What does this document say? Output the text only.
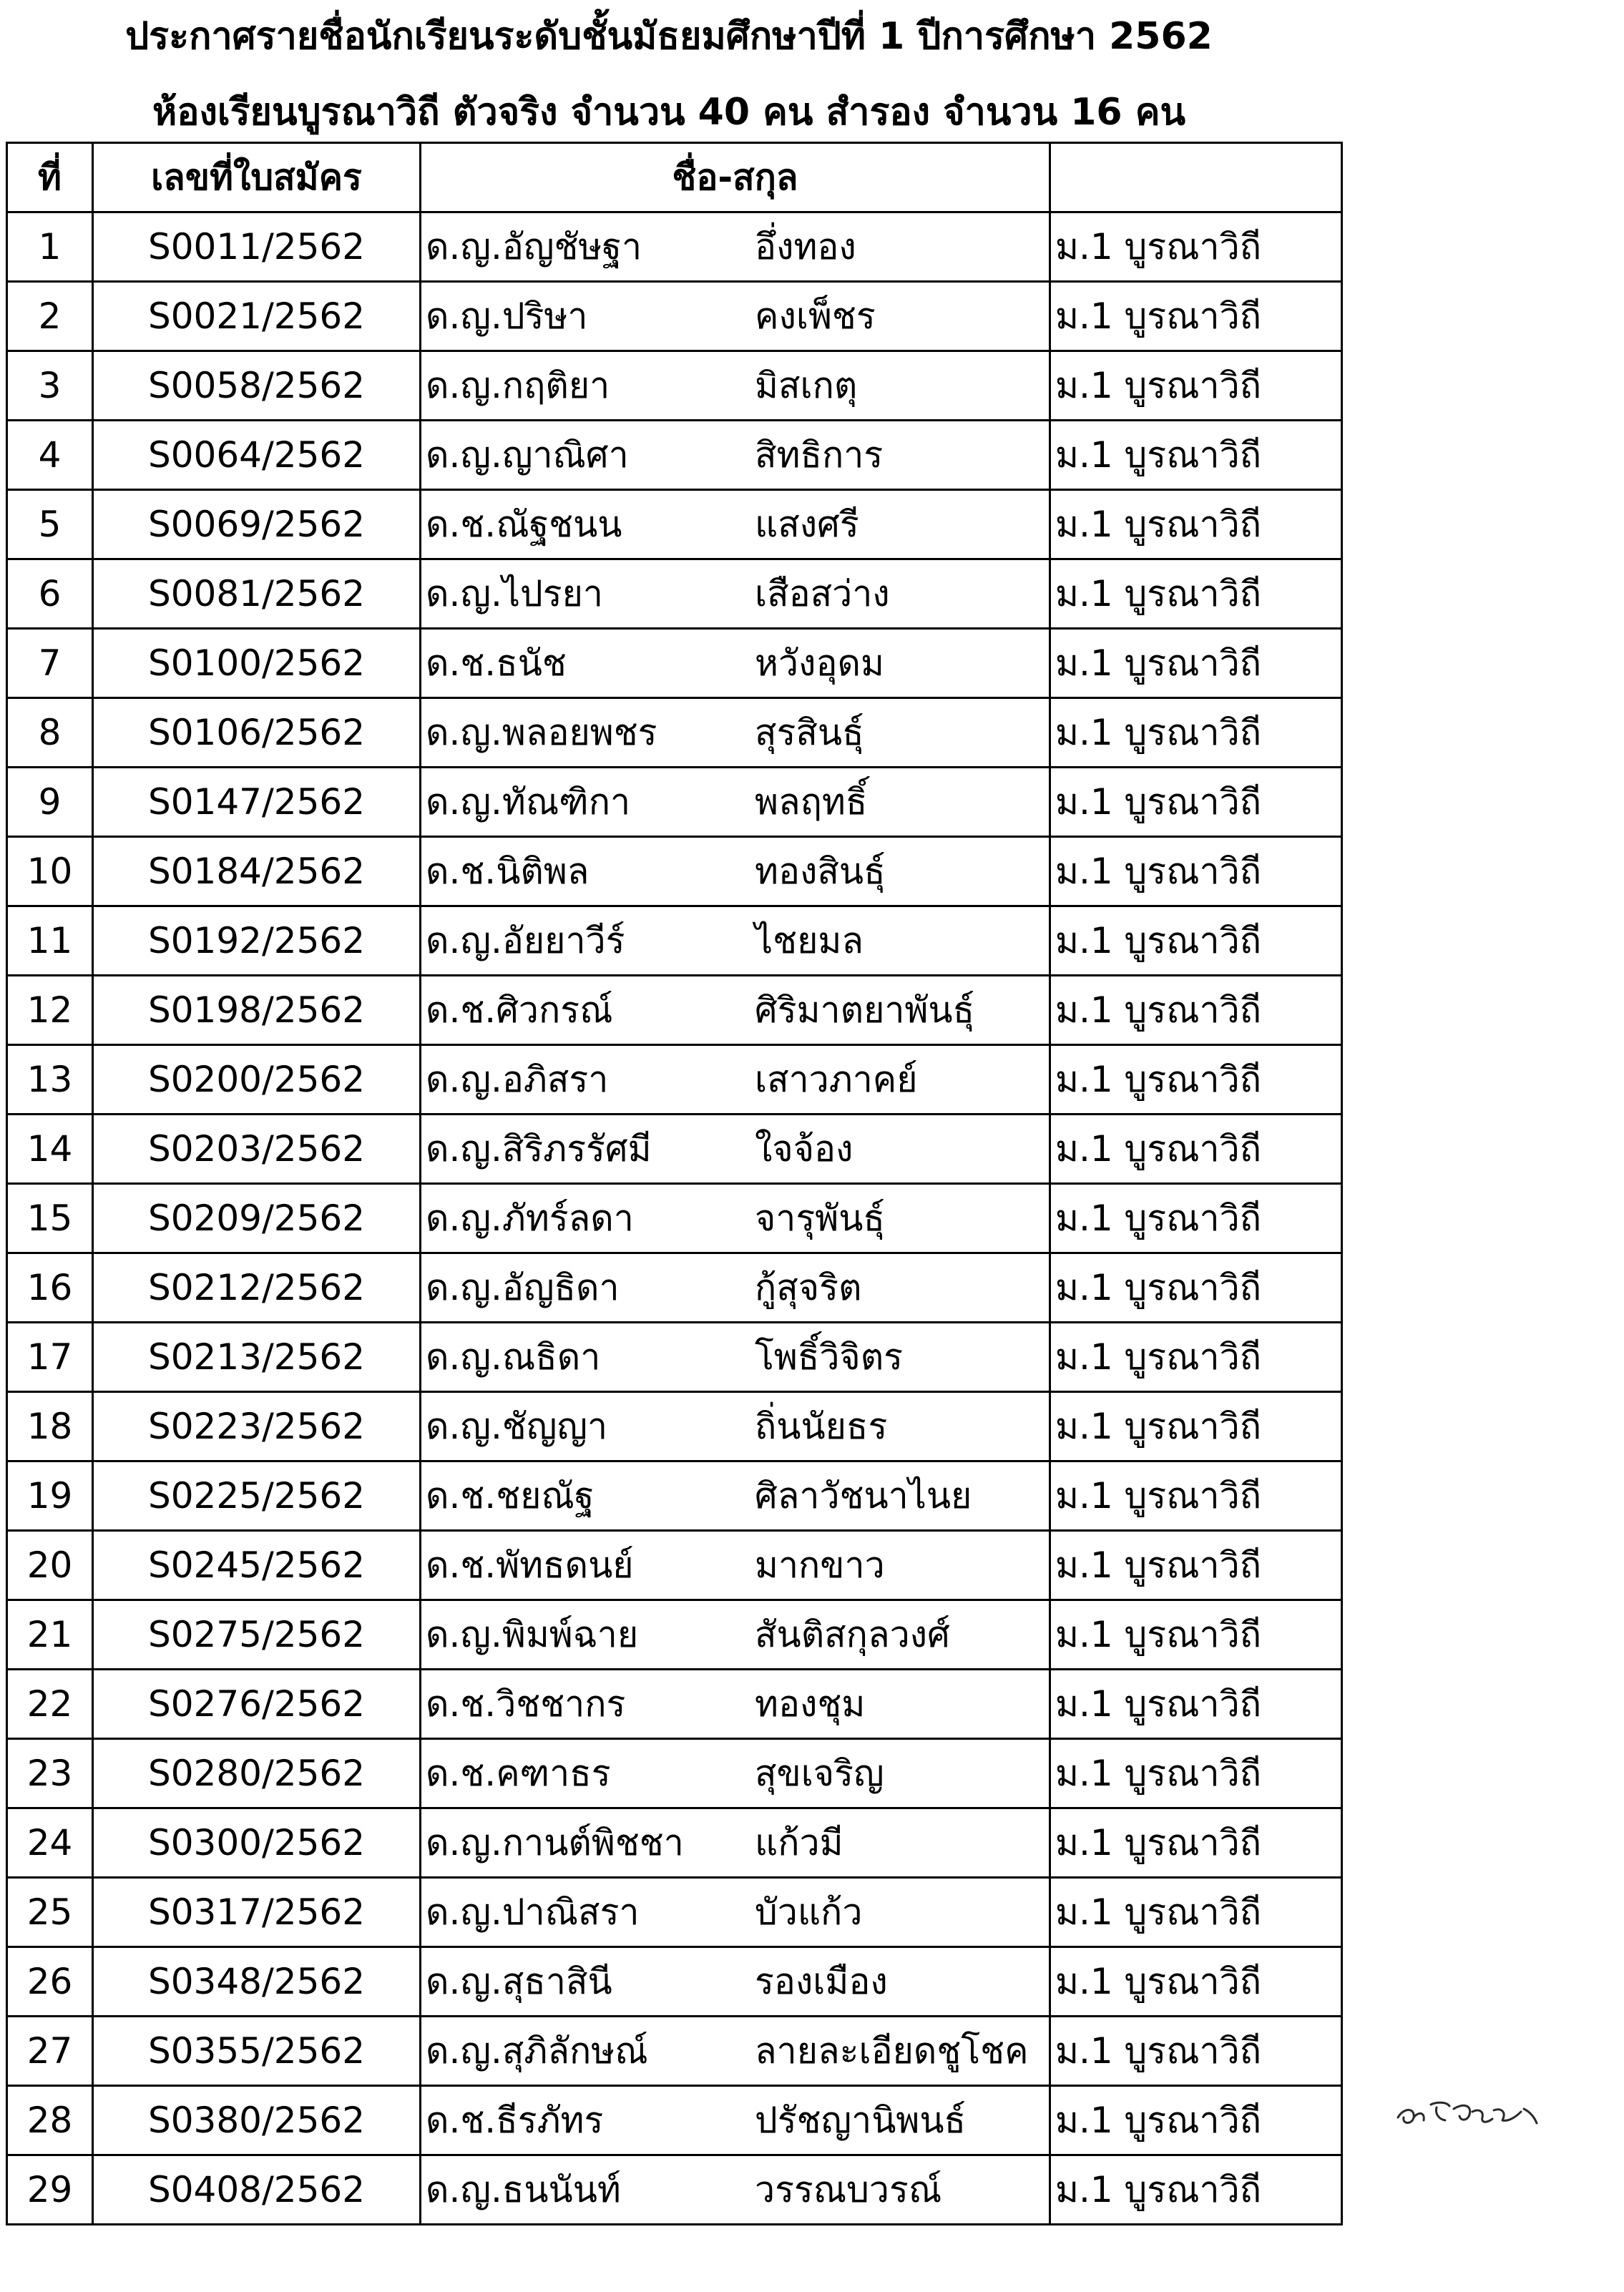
ประกาศรายชื่อนักเรียนระดับชั้นมัธยมศึกษาปีที่ 1 ปีการศึกษา 2562
ห้องเรียนบูรณาวิถี ตัวจริง จำนวน 40 คน สำรอง จำนวน 16 คน
ที่	เลขที่ใบสมัคร	ชื่อ-สกุล	
1	S0011/2562	ด.ญ.อัญชัษฐา อึ่งทอง	ม.1 บูรณาวิถี
2	S0021/2562	ด.ญ.ปริษา คงเพ็ชร	ม.1 บูรณาวิถี
3	S0058/2562	ด.ญ.กฤติยา มิสเกตุ	ม.1 บูรณาวิถี
4	S0064/2562	ด.ญ.ญาณิศา สิทธิการ	ม.1 บูรณาวิถี
5	S0069/2562	ด.ช.ณัฐชนน แสงศรี	ม.1 บูรณาวิถี
6	S0081/2562	ด.ญ.ไปรยา เสือสว่าง	ม.1 บูรณาวิถี
7	S0100/2562	ด.ช.ธนัช หวังอุดม	ม.1 บูรณาวิถี
8	S0106/2562	ด.ญ.พลอยพชร สุรสินธุ์	ม.1 บูรณาวิถี
9	S0147/2562	ด.ญ.ทัณฑิกา พลฤทธิ์	ม.1 บูรณาวิถี
10	S0184/2562	ด.ช.นิติพล ทองสินธุ์	ม.1 บูรณาวิถี
11	S0192/2562	ด.ญ.อัยยาวีร์ ไชยมล	ม.1 บูรณาวิถี
12	S0198/2562	ด.ช.ศิวกรณ์ ศิริมาตยาพันธุ์	ม.1 บูรณาวิถี
13	S0200/2562	ด.ญ.อภิสรา เสาวภาคย์	ม.1 บูรณาวิถี
14	S0203/2562	ด.ญ.สิริภรรัศมี ใจจ้อง	ม.1 บูรณาวิถี
15	S0209/2562	ด.ญ.ภัทร์ลดา จารุพันธุ์	ม.1 บูรณาวิถี
16	S0212/2562	ด.ญ.อัญธิดา กู้สุจริต	ม.1 บูรณาวิถี
17	S0213/2562	ด.ญ.ณธิดา โพธิ์วิจิตร	ม.1 บูรณาวิถี
18	S0223/2562	ด.ญ.ชัญญา ถิ่นนัยธร	ม.1 บูรณาวิถี
19	S0225/2562	ด.ช.ชยณัฐ ศิลาวัชนาไนย	ม.1 บูรณาวิถี
20	S0245/2562	ด.ช.พัทธดนย์ มากขาว	ม.1 บูรณาวิถี
21	S0275/2562	ด.ญ.พิมพ์ฉาย สันติสกุลวงศ์	ม.1 บูรณาวิถี
22	S0276/2562	ด.ช.วิชชากร ทองชุม	ม.1 บูรณาวิถี
23	S0280/2562	ด.ช.คฑาธร สุขเจริญ	ม.1 บูรณาวิถี
24	S0300/2562	ด.ญ.กานต์พิชชา แก้วมี	ม.1 บูรณาวิถี
25	S0317/2562	ด.ญ.ปาณิสรา บัวแก้ว	ม.1 บูรณาวิถี
26	S0348/2562	ด.ญ.สุธาสินี รองเมือง	ม.1 บูรณาวิถี
27	S0355/2562	ด.ญ.สุภิลักษณ์ ลายละเอียดชูโชค	ม.1 บูรณาวิถี
28	S0380/2562	ด.ช.ธีรภัทร ปรัชญานิพนธ์	ม.1 บูรณาวิถี
29	S0408/2562	ด.ญ.ธนนันท์ วรรณบวรณ์	ม.1 บูรณาวิถี
